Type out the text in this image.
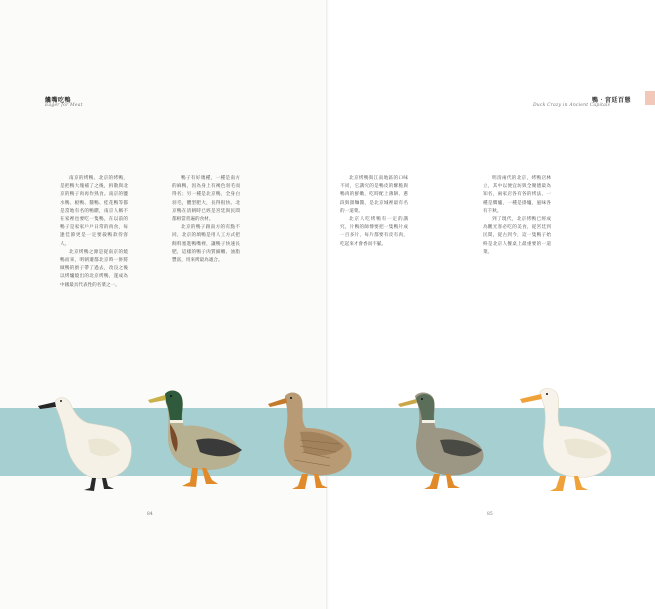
饞嘴吃鴨
Eager for Meat
鴨‧宮廷百態
Duck Crazy in Ancient Capitals

南京的烤鴨、北京的烤鴨，是把鴨大塊補了之後，拆散與北京的鴨子肉再作熟食。南京的鹽水鴨、板鴨、醬鴨、桂花鴨等都是當地有名的鴨饌，南京人稱不在家裡也要吃一隻鴨，在以前的鴨子是家家戶戶日常的肉食，每逢佳節更是一定要殺鴨款待客人。

北京烤鴨之源是從南京的燒鴨而來，明朝遷都北京時一併將做鴨的廚子帶了過去，改良之後以烤爐燒出的北京烤鴨，遂成為中國最具代表性的名菜之一。

鴨子有好幾種，一種是南方的麻鴨，因為身上有褐色羽毛而得名；另一種是北京鴨，全身白羽毛，體型肥大，長得很快。北京鴨在清朝時已經是宮廷與民間都相當普遍的食材。

北京的鴨子跟南方的有點不同，北京的填鴨是用人工方式把飼料塞進鴨嘴裡，讓鴨子快速長肥，這樣的鴨子肉質細嫩、油脂豐富，用來烤最為適合。

北京烤鴨與江南地區的口味不同，它講究的是鴨皮的酥脆與鴨肉的鮮嫩，吃時配上薄餅、蔥段與甜麵醬，是北京城裡最有名的一道菜。

北京人吃烤鴨有一定的講究，片鴨的師傅要把一隻鴨片成一百多片，每片都要有皮有肉，吃起來才會香而不膩。

明清兩代的北京，烤鴨店林立，其中以便宜坊與全聚德最為知名，兩家店各有各的烤法，一種是燜爐，一種是掛爐，風味各有千秋。

到了現代，北京烤鴨已經成為觀光客必吃的美食，從宮廷到民間，從古到今，這一隻鴨子始終是北京人餐桌上最重要的一道菜。

84	85
